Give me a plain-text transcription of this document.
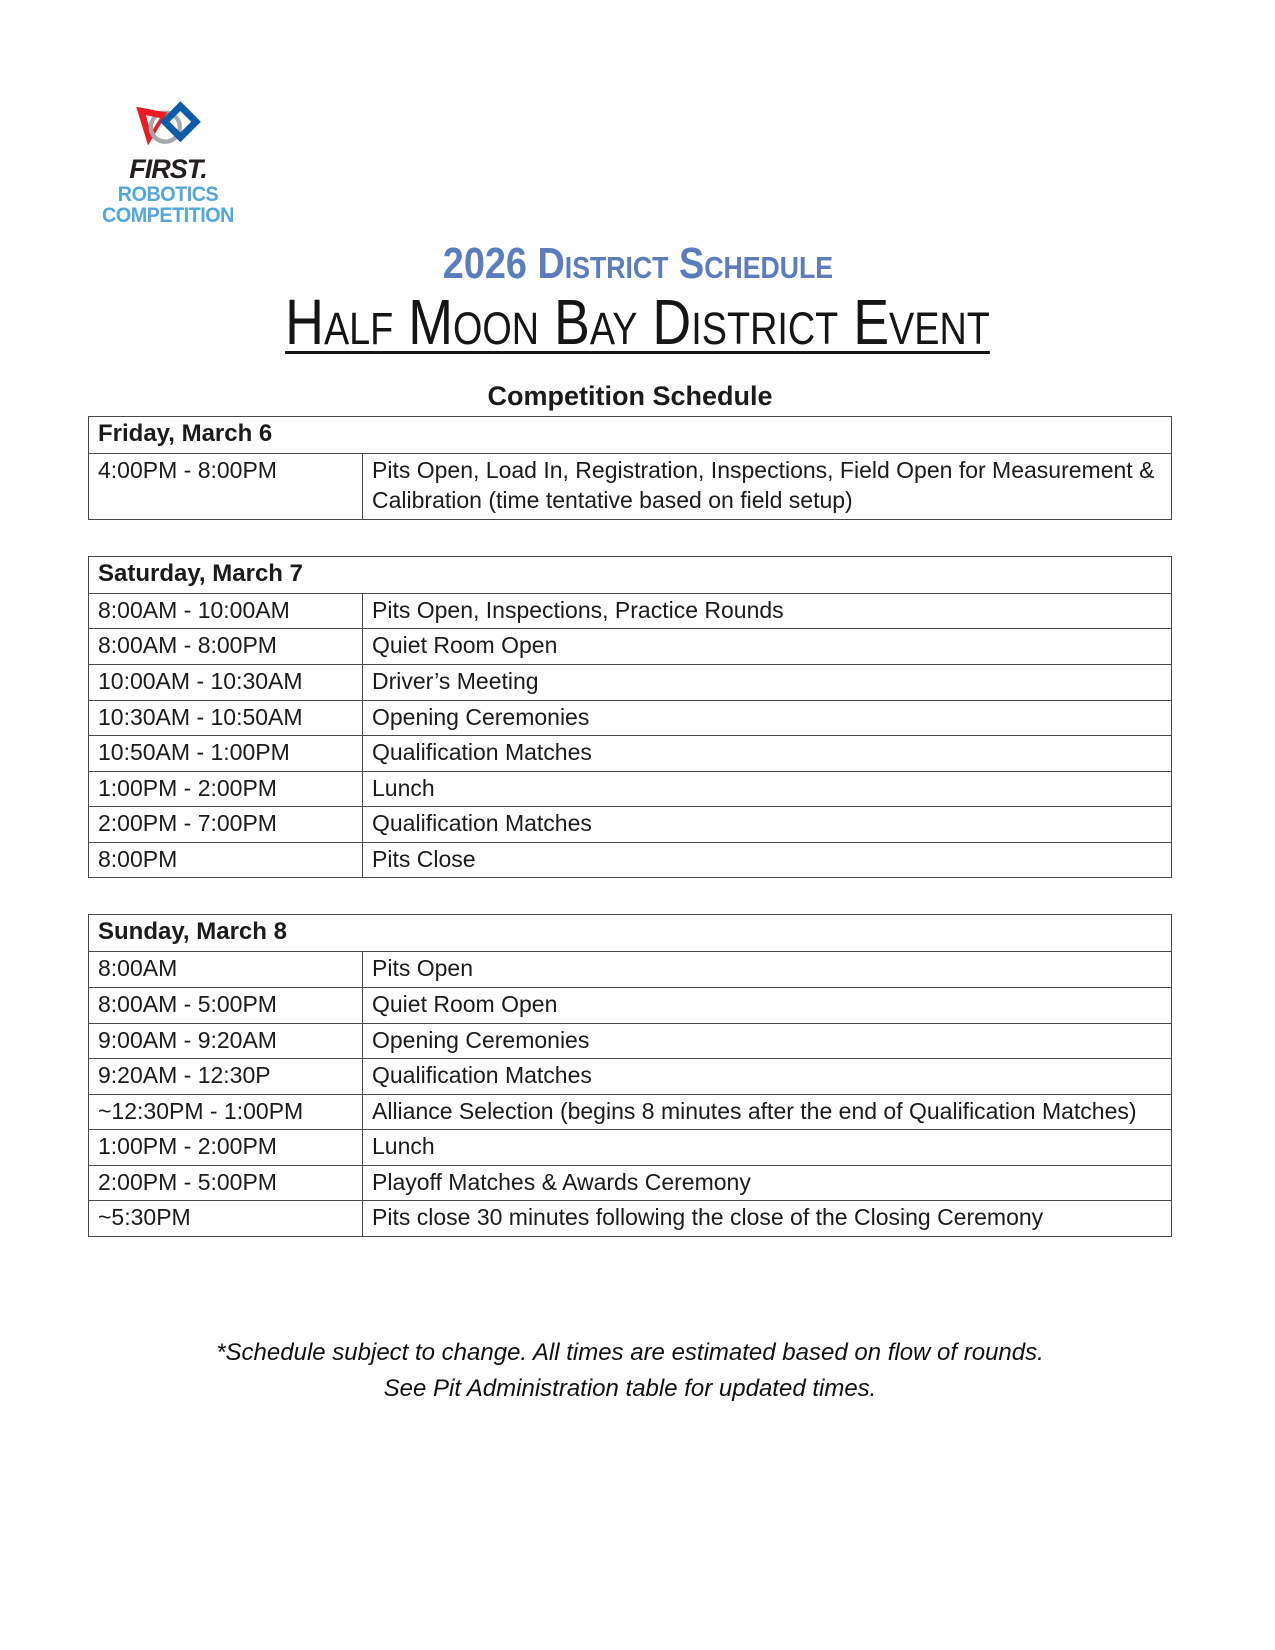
FIRST.
ROBOTICS
COMPETITION
2026 District Schedule
Half Moon Bay District Event
Competition Schedule
Friday, March 6
4:00PM - 8:00PM	Pits Open, Load In, Registration, Inspections, Field Open for Measurement & Calibration (time tentative based on field setup)
Saturday, March 7	
8:00AM - 10:00AM	Pits Open, Inspections, Practice Rounds
8:00AM - 8:00PM	Quiet Room Open
10:00AM - 10:30AM	Driver’s Meeting
10:30AM - 10:50AM	Opening Ceremonies
10:50AM - 1:00PM	Qualification Matches
1:00PM - 2:00PM	Lunch
2:00PM - 7:00PM	Qualification Matches
8:00PM	Pits Close
Sunday, March 8	
8:00AM	Pits Open
8:00AM - 5:00PM	Quiet Room Open
9:00AM - 9:20AM	Opening Ceremonies
9:20AM - 12:30P	Qualification Matches
~12:30PM - 1:00PM	Alliance Selection (begins 8 minutes after the end of Qualification Matches)
1:00PM - 2:00PM	Lunch
2:00PM - 5:00PM	Playoff Matches & Awards Ceremony
~5:30PM	Pits close 30 minutes following the close of the Closing Ceremony
*Schedule subject to change. All times are estimated based on flow of rounds.
See Pit Administration table for updated times.
